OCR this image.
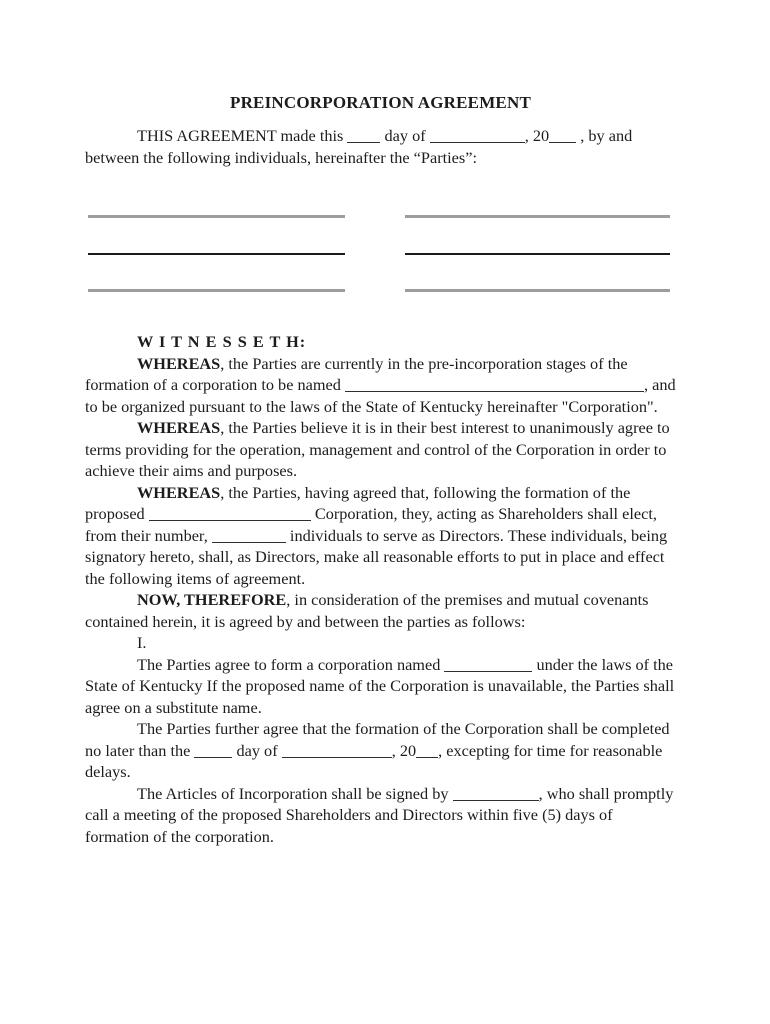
PREINCORPORATION AGREEMENT

THIS AGREEMENT made this  day of	, 20 , by and between the following individuals, hereinafter the “Parties”:

W I T N E S S E T H:

WHEREAS, the Parties are currently in the pre-incorporation stages of the formation of a corporation to be named	, and to be organized pursuant to the laws of the State of Kentucky hereinafter "Corporation".

WHEREAS, the Parties believe it is in their best interest to unanimously agree to terms providing for the operation, management and control of the Corporation in order to achieve their aims and purposes.

WHEREAS, the Parties, having agreed that, following the formation of the proposed	Corporation, they, acting as Shareholders shall elect, from their number,	individuals to serve as Directors. These individuals, being signatory hereto, shall, as Directors, make all reasonable efforts to put in place and effect the following items of agreement.

NOW, THEREFORE, in consideration of the premises and mutual covenants contained herein, it is agreed by and between the parties as follows:

I.

The Parties agree to form a corporation named	under the laws of the State of Kentucky If the proposed name of the Corporation is unavailable, the Parties shall agree on a substitute name.

The Parties further agree that the formation of the Corporation shall be completed no later than the  day of	, 20 , excepting for time for reasonable delays.

The Articles of Incorporation shall be signed by	, who shall promptly call a meeting of the proposed Shareholders and Directors within five (5) days of formation of the corporation.
